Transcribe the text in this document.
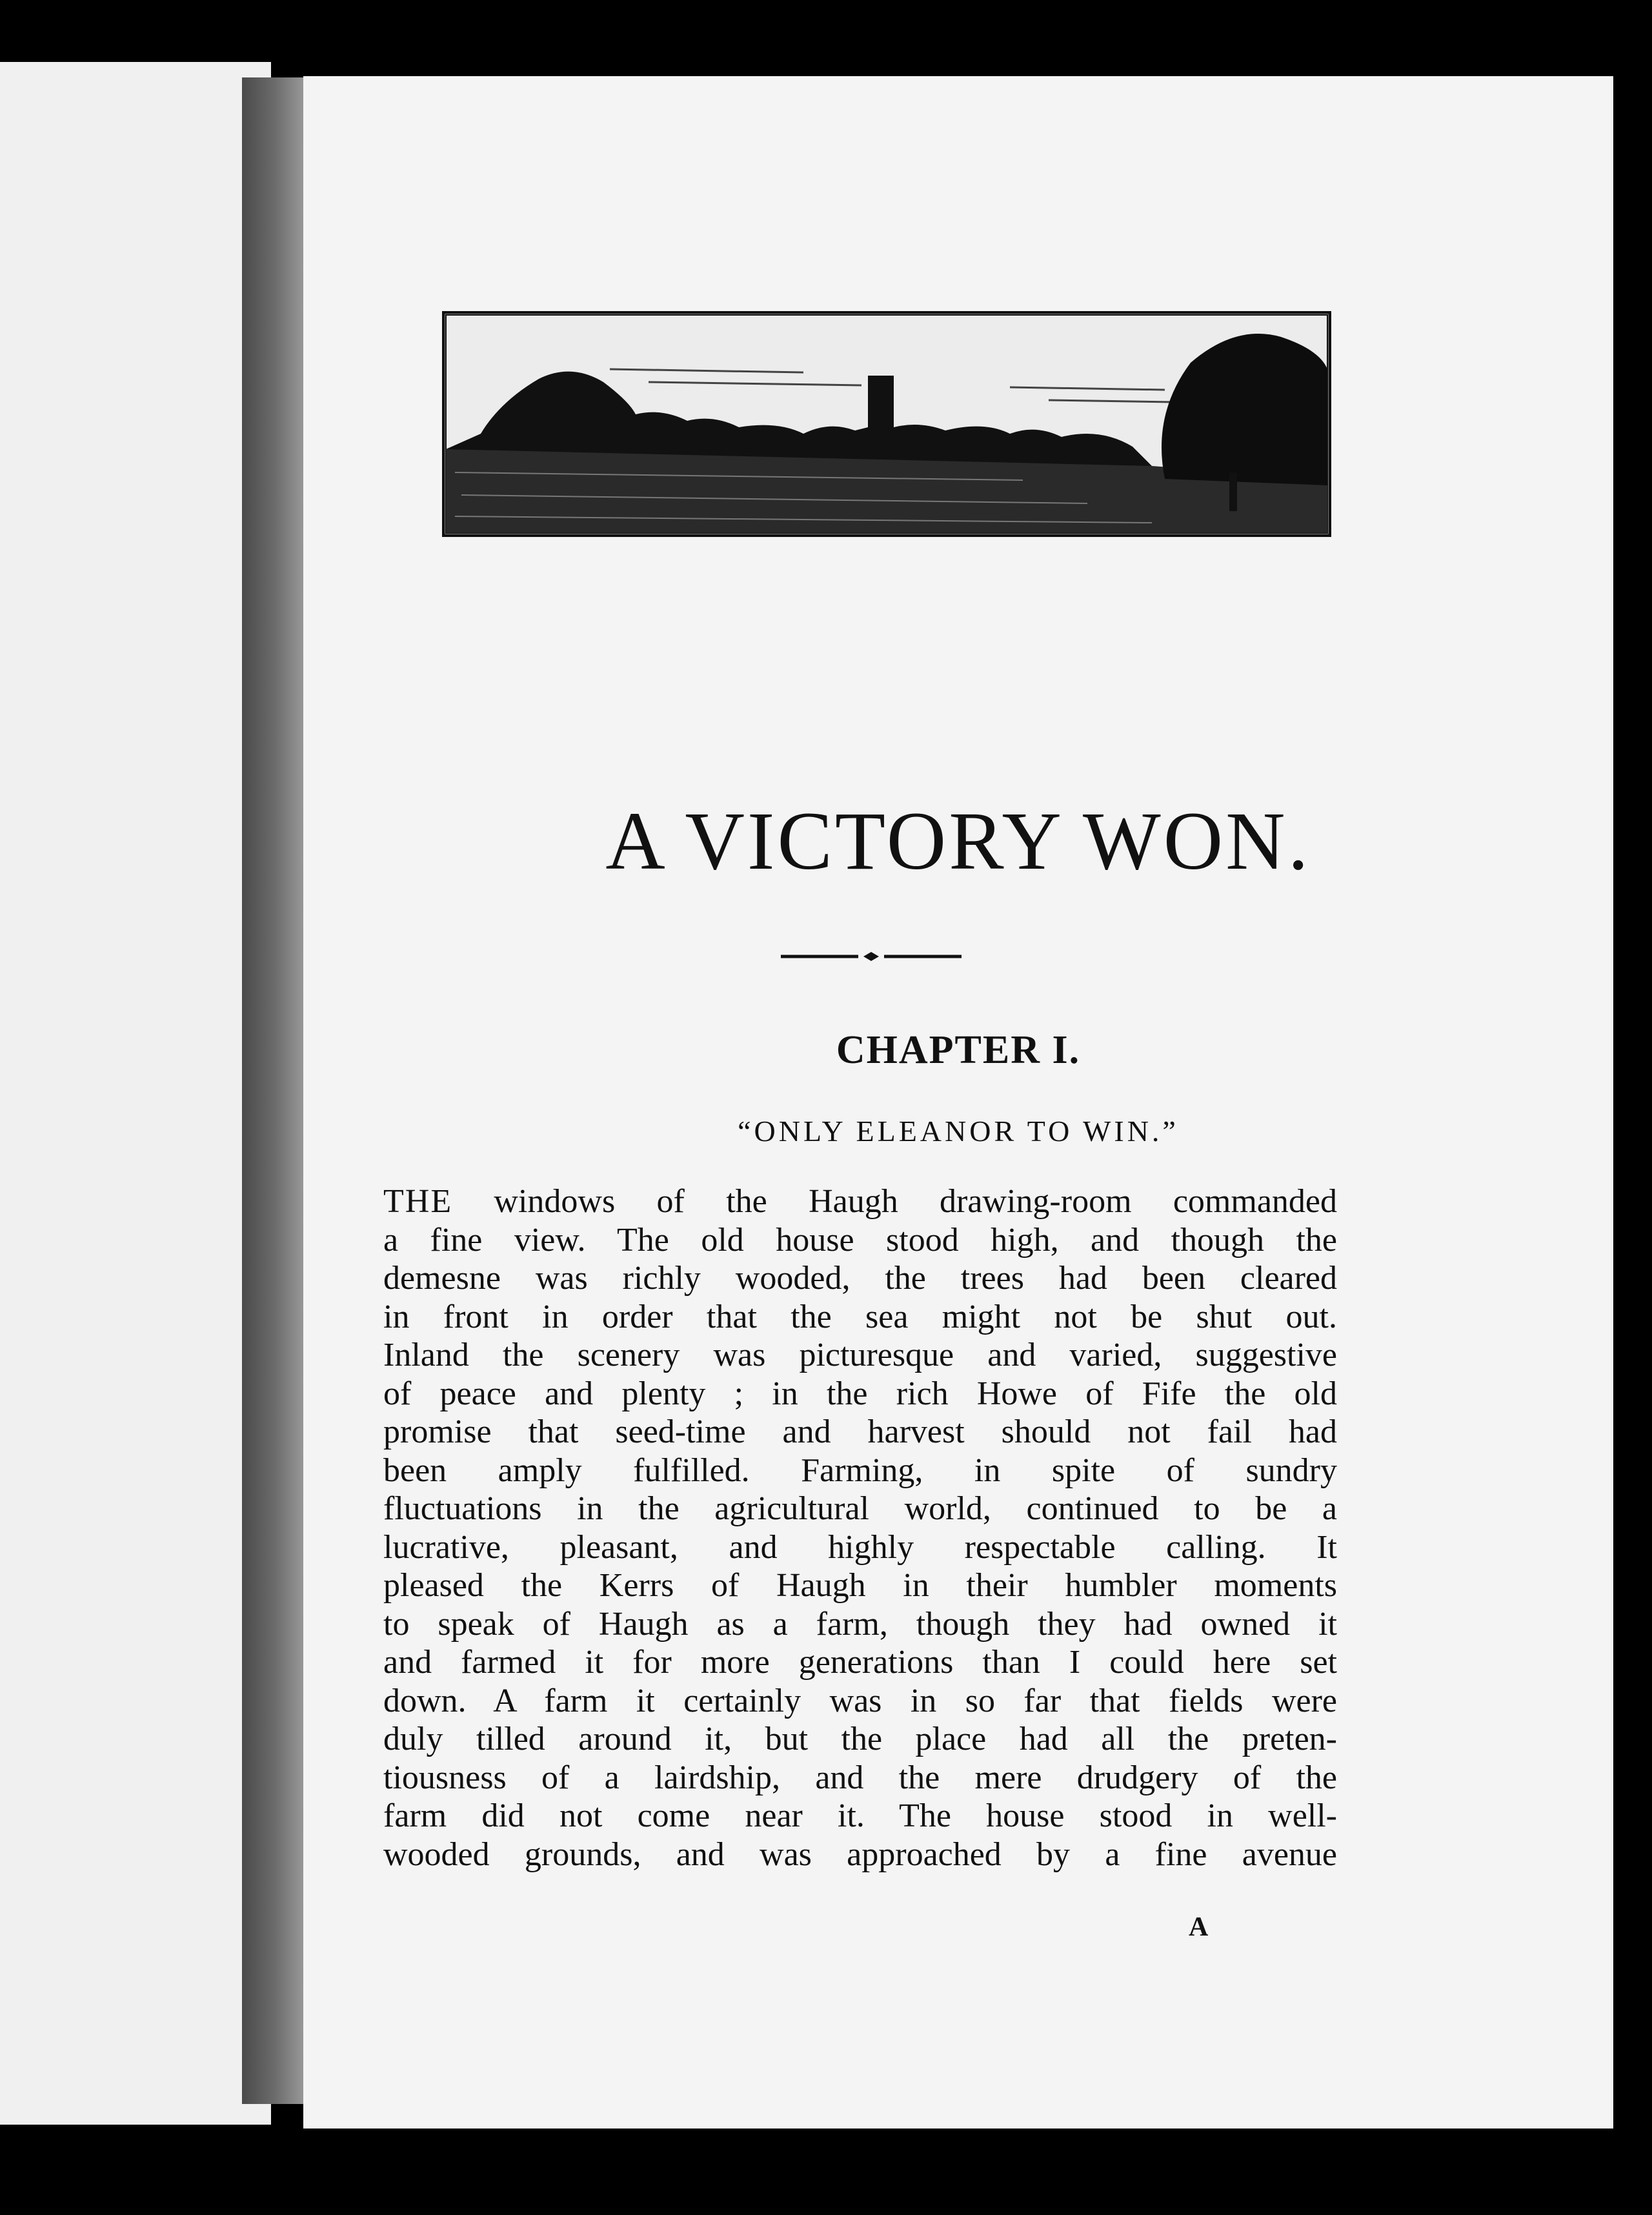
A VICTORY WON.
CHAPTER I.

“ONLY ELEANOR TO WIN.”

THE windows of the Haugh drawing-room commanded
a fine view. The old house stood high, and though the
demesne was richly wooded, the trees had been cleared
in front in order that the sea might not be shut out.
Inland the scenery was picturesque and varied, suggestive
of peace and plenty ; in the rich Howe of Fife the old
promise that seed-time and harvest should not fail had
been amply fulfilled. Farming, in spite of sundry
fluctuations in the agricultural world, continued to be a
lucrative, pleasant, and highly respectable calling. It
pleased the Kerrs of Haugh in their humbler moments
to speak of Haugh as a farm, though they had owned it
and farmed it for more generations than I could here set
down. A farm it certainly was in so far that fields were
duly tilled around it, but the place had all the preten-
tiousness of a lairdship, and the mere drudgery of the
farm did not come near it. The house stood in well-
wooded grounds, and was approached by a fine avenue
A
